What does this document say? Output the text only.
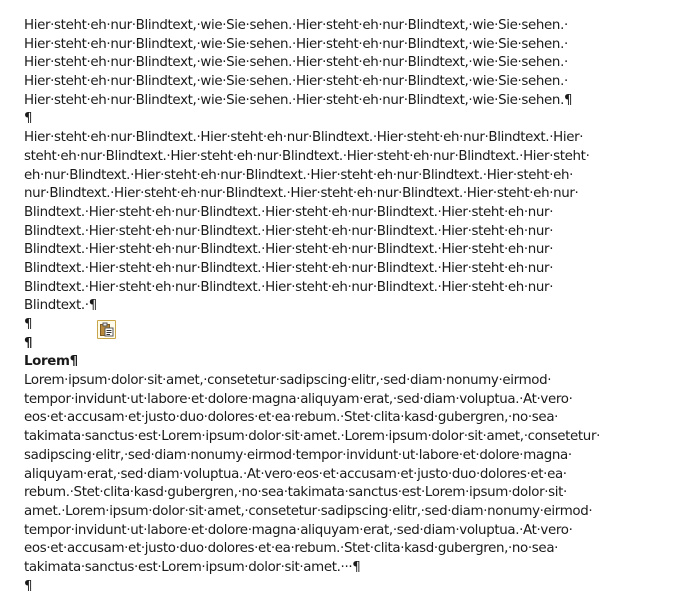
Hier·steht·eh·nur·Blindtext,·wie·Sie·sehen.·Hier·steht·eh·nur·Blindtext,·wie·Sie·sehen.·
Hier·steht·eh·nur·Blindtext,·wie·Sie·sehen.·Hier·steht·eh·nur·Blindtext,·wie·Sie·sehen.·
Hier·steht·eh·nur·Blindtext,·wie·Sie·sehen.·Hier·steht·eh·nur·Blindtext,·wie·Sie·sehen.·
Hier·steht·eh·nur·Blindtext,·wie·Sie·sehen.·Hier·steht·eh·nur·Blindtext,·wie·Sie·sehen.·
Hier·steht·eh·nur·Blindtext,·wie·Sie·sehen.·Hier·steht·eh·nur·Blindtext,·wie·Sie·sehen.¶
¶
Hier·steht·eh·nur·Blindtext.·Hier·steht·eh·nur·Blindtext.·Hier·steht·eh·nur·Blindtext.·Hier·
steht·eh·nur·Blindtext.·Hier·steht·eh·nur·Blindtext.·Hier·steht·eh·nur·Blindtext.·Hier·steht·
eh·nur·Blindtext.·Hier·steht·eh·nur·Blindtext.·Hier·steht·eh·nur·Blindtext.·Hier·steht·eh·
nur·Blindtext.·Hier·steht·eh·nur·Blindtext.·Hier·steht·eh·nur·Blindtext.·Hier·steht·eh·nur·
Blindtext.·Hier·steht·eh·nur·Blindtext.·Hier·steht·eh·nur·Blindtext.·Hier·steht·eh·nur·
Blindtext.·Hier·steht·eh·nur·Blindtext.·Hier·steht·eh·nur·Blindtext.·Hier·steht·eh·nur·
Blindtext.·Hier·steht·eh·nur·Blindtext.·Hier·steht·eh·nur·Blindtext.·Hier·steht·eh·nur·
Blindtext.·Hier·steht·eh·nur·Blindtext.·Hier·steht·eh·nur·Blindtext.·Hier·steht·eh·nur·
Blindtext.·Hier·steht·eh·nur·Blindtext.·Hier·steht·eh·nur·Blindtext.·Hier·steht·eh·nur·
Blindtext.·¶
¶
¶
Lorem¶
Lorem·ipsum·dolor·sit·amet,·consetetur·sadipscing·elitr,·sed·diam·nonumy·eirmod·
tempor·invidunt·ut·labore·et·dolore·magna·aliquyam·erat,·sed·diam·voluptua.·At·vero·
eos·et·accusam·et·justo·duo·dolores·et·ea·rebum.·Stet·clita·kasd·gubergren,·no·sea·
takimata·sanctus·est·Lorem·ipsum·dolor·sit·amet.·Lorem·ipsum·dolor·sit·amet,·consetetur·
sadipscing·elitr,·sed·diam·nonumy·eirmod·tempor·invidunt·ut·labore·et·dolore·magna·
aliquyam·erat,·sed·diam·voluptua.·At·vero·eos·et·accusam·et·justo·duo·dolores·et·ea·
rebum.·Stet·clita·kasd·gubergren,·no·sea·takimata·sanctus·est·Lorem·ipsum·dolor·sit·
amet.·Lorem·ipsum·dolor·sit·amet,·consetetur·sadipscing·elitr,·sed·diam·nonumy·eirmod·
tempor·invidunt·ut·labore·et·dolore·magna·aliquyam·erat,·sed·diam·voluptua.·At·vero·
eos·et·accusam·et·justo·duo·dolores·et·ea·rebum.·Stet·clita·kasd·gubergren,·no·sea·
takimata·sanctus·est·Lorem·ipsum·dolor·sit·amet.···¶
¶
